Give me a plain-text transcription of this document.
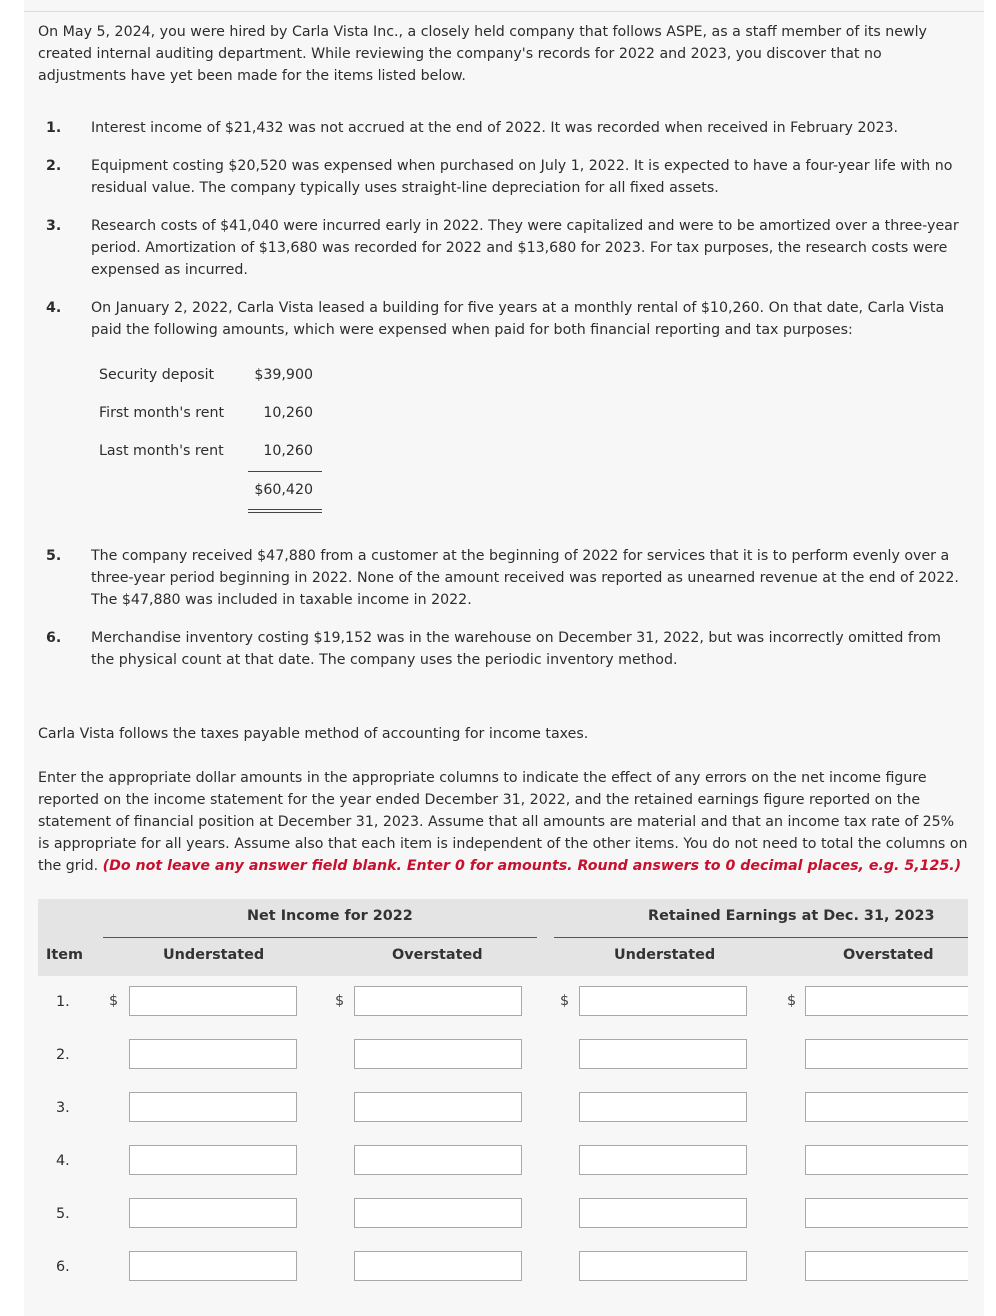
On May 5, 2024, you were hired by Carla Vista Inc., a closely held company that follows ASPE, as a staff member of its newly created internal auditing department. While reviewing the company's records for 2022 and 2023, you discover that no adjustments have yet been made for the items listed below.
1. Interest income of $21,432 was not accrued at the end of 2022. It was recorded when received in February 2023.
2. Equipment costing $20,520 was expensed when purchased on July 1, 2022. It is expected to have a four-year life with no residual value. The company typically uses straight-line depreciation for all fixed assets.
3. Research costs of $41,040 were incurred early in 2022. They were capitalized and were to be amortized over a three-year period. Amortization of $13,680 was recorded for 2022 and $13,680 for 2023. For tax purposes, the research costs were expensed as incurred.
4. On January 2, 2022, Carla Vista leased a building for five years at a monthly rental of $10,260. On that date, Carla Vista paid the following amounts, which were expensed when paid for both financial reporting and tax purposes:
Security deposit	$39,900
First month's rent	10,260
Last month's rent	10,260
$60,420
5. The company received $47,880 from a customer at the beginning of 2022 for services that it is to perform evenly over a three-year period beginning in 2022. None of the amount received was reported as unearned revenue at the end of 2022. The $47,880 was included in taxable income in 2022.
6. Merchandise inventory costing $19,152 was in the warehouse on December 31, 2022, but was incorrectly omitted from the physical count at that date. The company uses the periodic inventory method.
Carla Vista follows the taxes payable method of accounting for income taxes.
Enter the appropriate dollar amounts in the appropriate columns to indicate the effect of any errors on the net income figure reported on the income statement for the year ended December 31, 2022, and the retained earnings figure reported on the statement of financial position at December 31, 2023. Assume that all amounts are material and that an income tax rate of 25% is appropriate for all years. Assume also that each item is independent of the other items. You do not need to total the columns on the grid. (Do not leave any answer field blank. Enter 0 for amounts. Round answers to 0 decimal places, e.g. 5,125.)
Net Income for 2022	Retained Earnings at Dec. 31, 2023
Item	Understated	Overstated	Understated	Overstated
1.	$	$	$	$
2.
3.
4.
5.
6.
